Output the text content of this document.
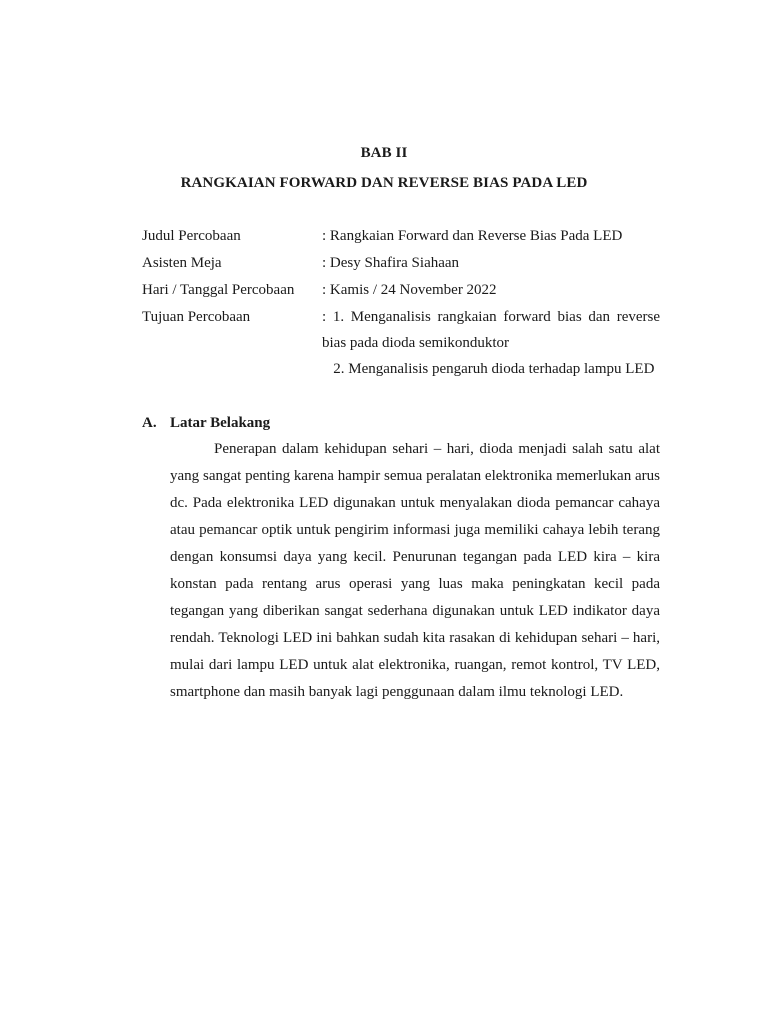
BAB II
RANGKAIAN FORWARD DAN REVERSE BIAS PADA LED
Judul Percobaan	: Rangkaian Forward dan Reverse Bias Pada LED
Asisten Meja	: Desy Shafira Siahaan
Hari / Tanggal Percobaan : Kamis / 24 November 2022
Tujuan Percobaan	: 1. Menganalisis rangkaian forward bias dan reverse
bias pada dioda semikonduktor
2. Menganalisis pengaruh dioda terhadap lampu LED
A. Latar Belakang
Penerapan dalam kehidupan sehari – hari, dioda menjadi salah satu alat
yang sangat penting karena hampir semua peralatan elektronika memerlukan arus
dc. Pada elektronika LED digunakan untuk menyalakan dioda pemancar cahaya
atau pemancar optik untuk pengirim informasi juga memiliki cahaya lebih terang
dengan konsumsi daya yang kecil. Penurunan tegangan pada LED kira – kira
konstan pada rentang arus operasi yang luas maka peningkatan kecil pada
tegangan yang diberikan sangat sederhana digunakan untuk LED indikator daya
rendah. Teknologi LED ini bahkan sudah kita rasakan di kehidupan sehari – hari,
mulai dari lampu LED untuk alat elektronika, ruangan, remot kontrol, TV LED,
smartphone dan masih banyak lagi penggunaan dalam ilmu teknologi LED.
